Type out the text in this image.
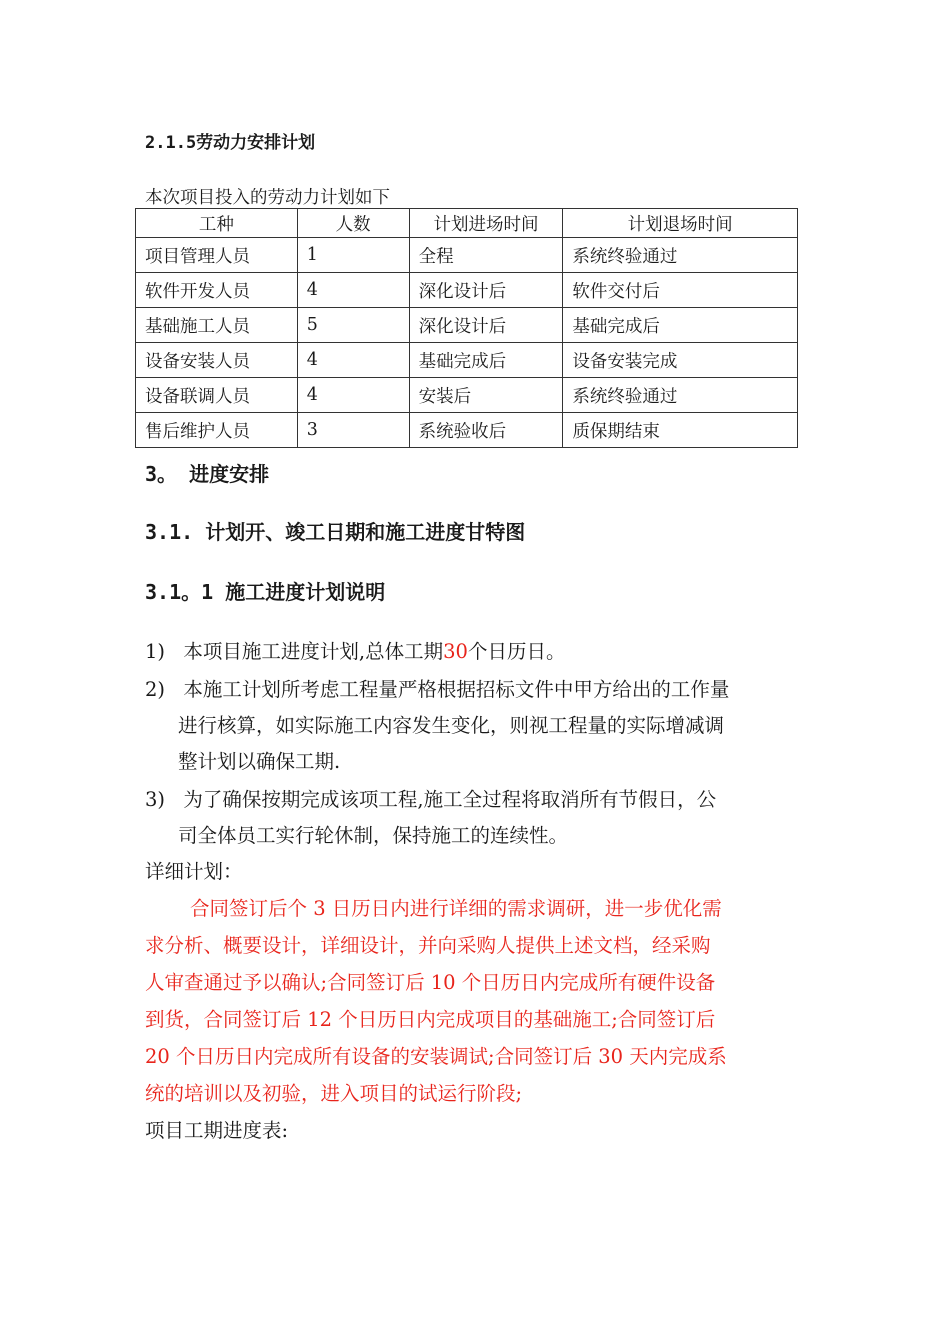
2.1.5劳动力安排计划
本次项目投入的劳动力计划如下
工种	人数	计划进场时间	计划退场时间
项目管理人员	1	全程	系统终验通过
软件开发人员	4	深化设计后	软件交付后
基础施工人员	5	深化设计后	基础完成后
设备安装人员	4	基础完成后	设备安装完成
设备联调人员	4	安装后	系统终验通过
售后维护人员	3	系统验收后	质保期结束
3。 进度安排
3.1. 计划开、竣工日期和施工进度甘特图
3.1。1 施工进度计划说明
1) 本项目施工进度计划,总体工期30个日历日。
2) 本施工计划所考虑工程量严格根据招标文件中甲方给出的工作量
进行核算，如实际施工内容发生变化，则视工程量的实际增减调
整计划以确保工期.
3) 为了确保按期完成该项工程,施工全过程将取消所有节假日，公
司全体员工实行轮休制，保持施工的连续性。
详细计划：
合同签订后个 3 日历日内进行详细的需求调研，进一步优化需
求分析、概要设计，详细设计，并向采购人提供上述文档，经采购
人审查通过予以确认;合同签订后 10 个日历日内完成所有硬件设备
到货，合同签订后 12 个日历日内完成项目的基础施工;合同签订后
20 个日历日内完成所有设备的安装调试;合同签订后 30 天内完成系
统的培训以及初验，进入项目的试运行阶段;
项目工期进度表:
